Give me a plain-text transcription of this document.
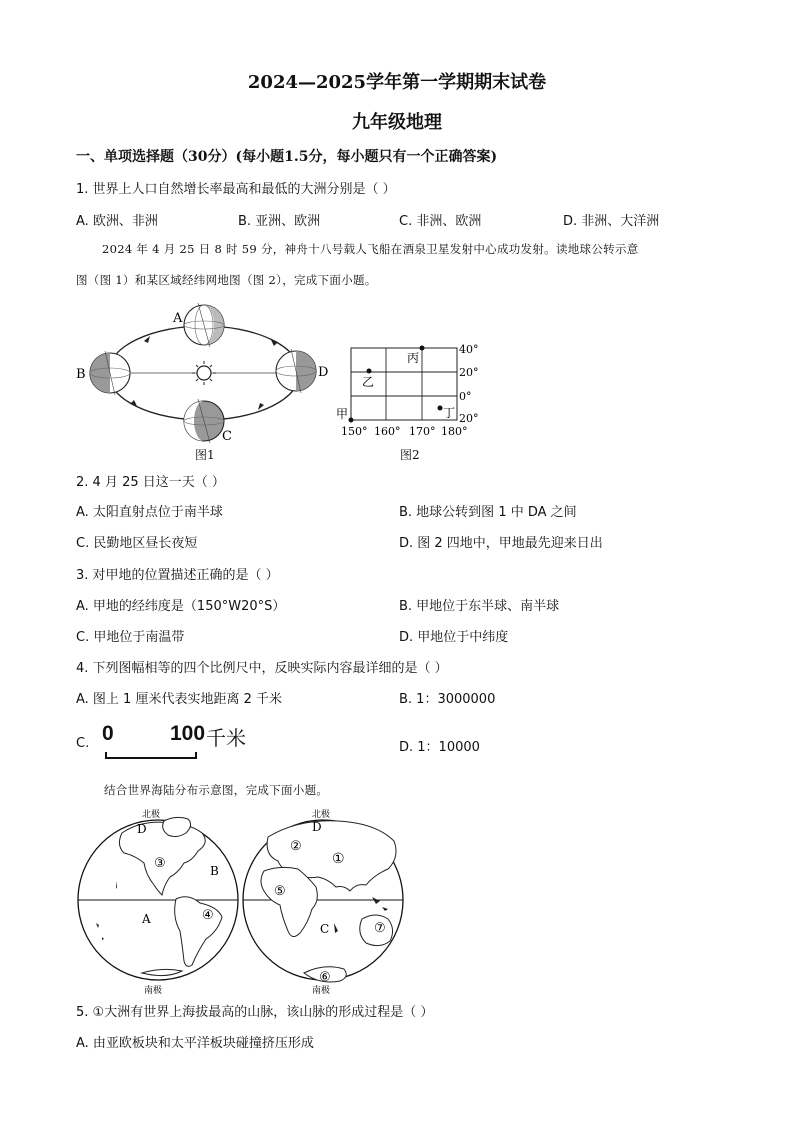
2024—2025学年第一学期期末试卷
九年级地理
一、单项选择题（30分）(每小题1.5分，每小题只有一个正确答案)
1. 世界上人口自然增长率最高和最低的大洲分别是（ ）
A. 欧洲、非洲	B. 亚洲、欧洲	C. 非洲、欧洲	D. 非洲、大洋洲
2024 年 4 月 25 日 8 时 59 分，神舟十八号载人飞船在酒泉卫星发射中心成功发射。读地球公转示意
图（图 1）和某区域经纬网地图（图 2），完成下面小题。
A
B
C
D
图1
丙
乙
丁
甲
40°
20°
0°
20°
150° 160° 170° 180°
图2
2. 4 月 25 日这一天（ ）
A. 太阳直射点位于南半球	B. 地球公转到图 1 中 DA 之间
C. 民勤地区昼长夜短	D. 图 2 四地中，甲地最先迎来日出
3. 对甲地的位置描述正确的是（ ）
A. 甲地的经纬度是（150°W20°S）	B. 甲地位于东半球、南半球
C. 甲地位于南温带	D. 甲地位于中纬度
4. 下列图幅相等的四个比例尺中，反映实际内容最详细的是（ ）
A. 图上 1 厘米代表实地距离 2 千米	B. 1：3000000
C. 0	100 千米	D. 1：10000
结合世界海陆分布示意图，完成下面小题。
北极
南极
D
③	B
A	④
北极
南极
D
②
①
⑤
C	⑦
⑥
5. ①大洲有世界上海拔最高的山脉，该山脉的形成过程是（ ）
A. 由亚欧板块和太平洋板块碰撞挤压形成
